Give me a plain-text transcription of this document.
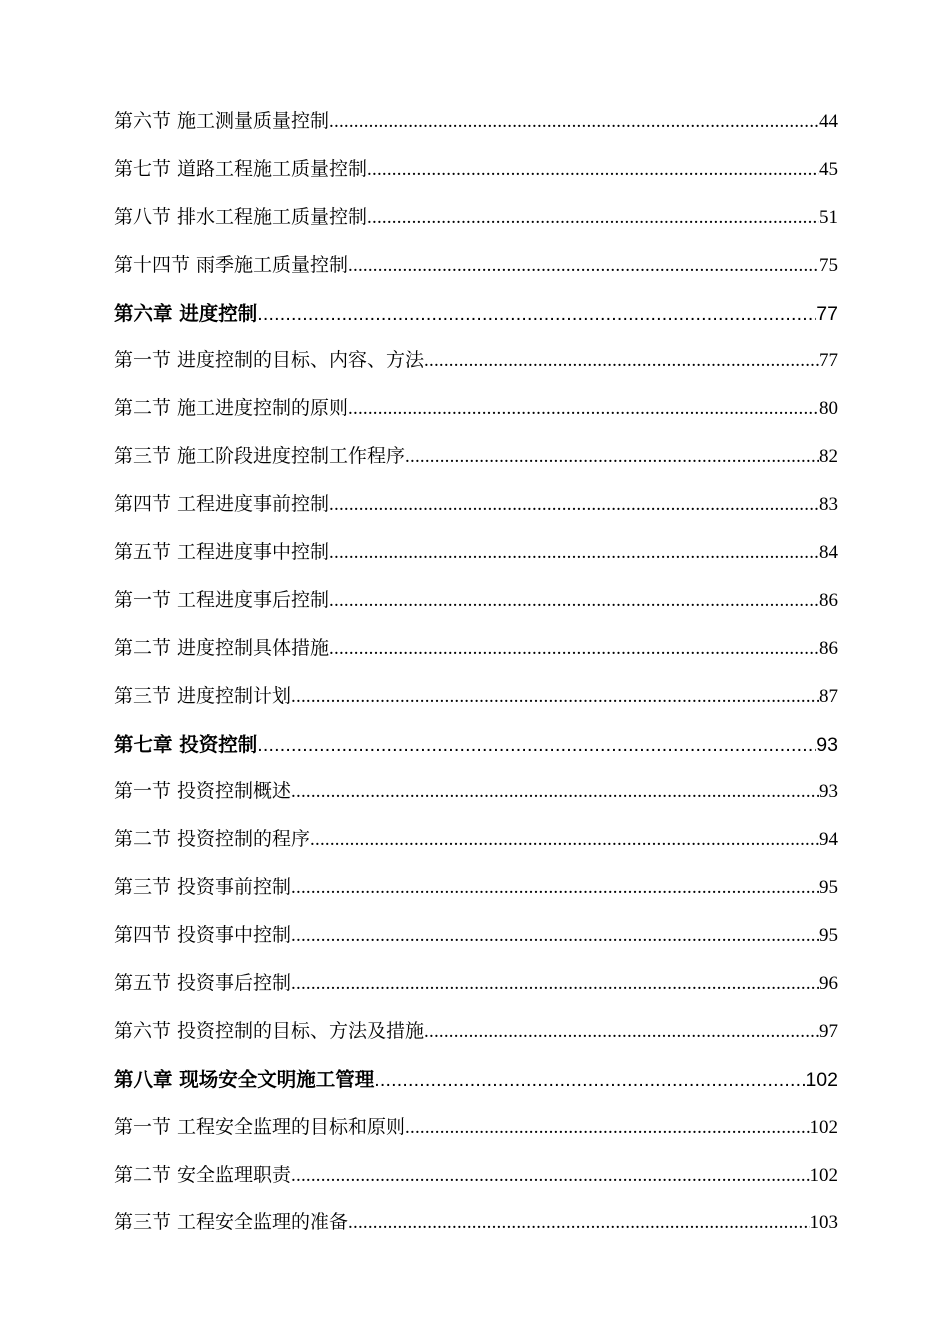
第六节 施工测量质量控制 .....	44
第七节 道路工程施工质量控制 .....	45
第八节 排水工程施工质量控制 .....	51
第十四节 雨季施工质量控制 .....	75
第六章 进度控制 .....	77
第一节 进度控制的目标、内容、方法 .....	77
第二节 施工进度控制的原则 .....	80
第三节 施工阶段进度控制工作程序 .....	82
第四节 工程进度事前控制 .....	83
第五节 工程进度事中控制 .....	84
第一节 工程进度事后控制 .....	86
第二节 进度控制具体措施 .....	86
第三节 进度控制计划 .....	87
第七章 投资控制 .....	93
第一节 投资控制概述 .....	93
第二节 投资控制的程序 .....	94
第三节 投资事前控制 .....	95
第四节 投资事中控制 .....	95
第五节 投资事后控制 .....	96
第六节 投资控制的目标、方法及措施 .....	97
第八章 现场安全文明施工管理 .....	102
第一节 工程安全监理的目标和原则 .....	102
第二节 安全监理职责 .....	102
第三节 工程安全监理的准备 .....	103
